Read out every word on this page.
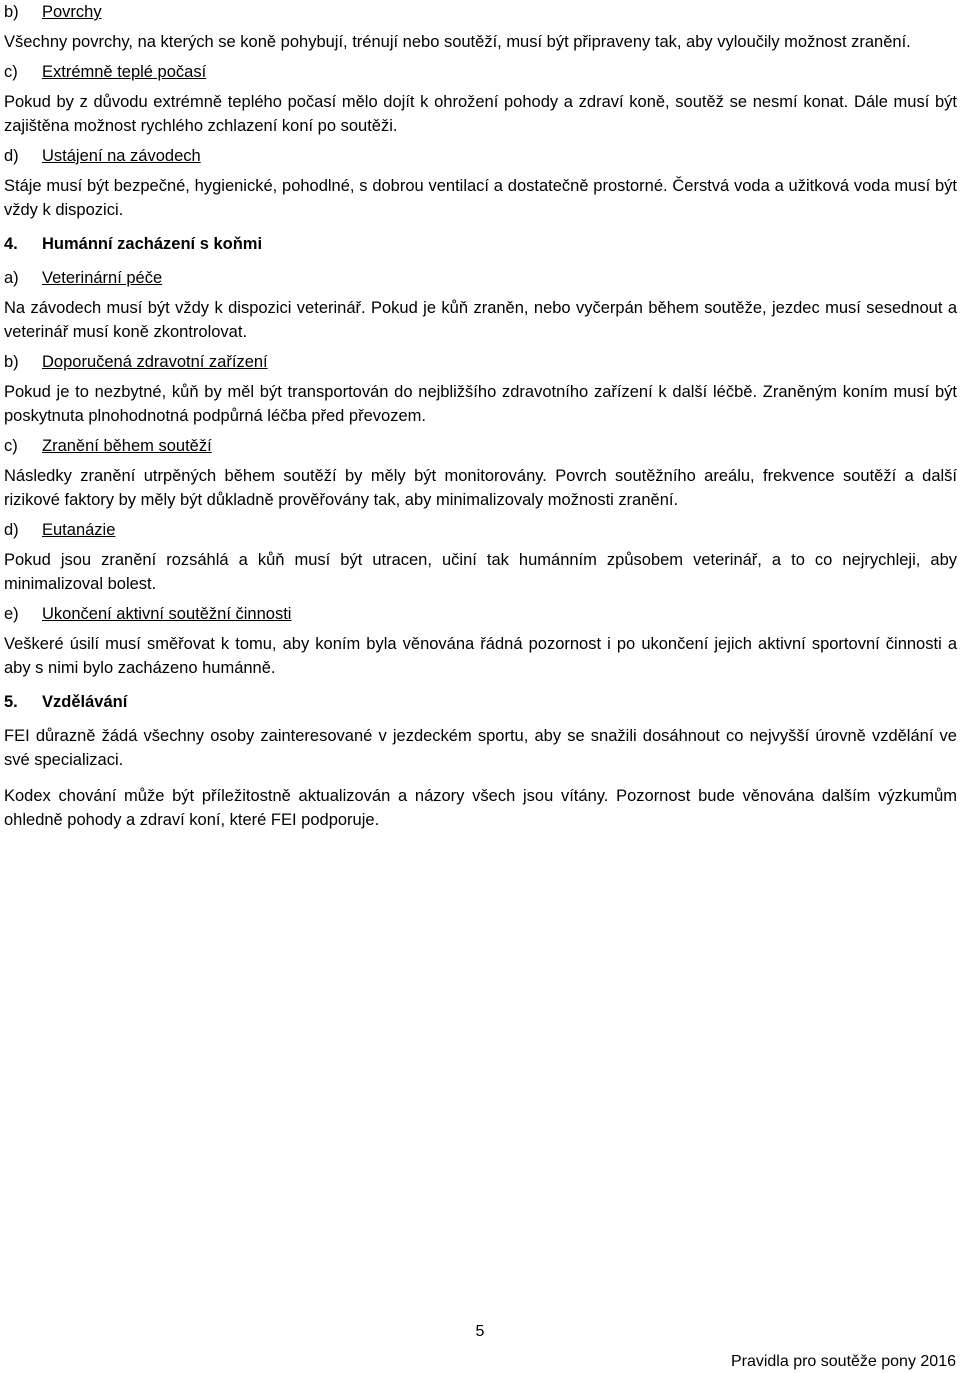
b) Povrchy

Všechny povrchy, na kterých se koně pohybují, trénují nebo soutěží, musí být připraveny tak, aby vyloučily možnost zranění.

c) Extrémně teplé počasí

Pokud by z důvodu extrémně teplého počasí mělo dojít k ohrožení pohody a zdraví koně, soutěž se nesmí konat. Dále musí být zajištěna možnost rychlého zchlazení koní po soutěži.

d) Ustájení na závodech

Stáje musí být bezpečné, hygienické, pohodlné, s dobrou ventilací a dostatečně prostorné. Čerstvá voda a užitková voda musí být vždy k dispozici.

4. Humánní zacházení s koňmi
a) Veterinární péče

Na závodech musí být vždy k dispozici veterinář. Pokud je kůň zraněn, nebo vyčerpán během soutěže, jezdec musí sesednout a veterinář musí koně zkontrolovat.

b) Doporučená zdravotní zařízení

Pokud je to nezbytné, kůň by měl být transportován do nejbližšího zdravotního zařízení k další léčbě. Zraněným koním musí být poskytnuta plnohodnotná podpůrná léčba před převozem.

c) Zranění během soutěží

Následky zranění utrpěných během soutěží by měly být monitorovány. Povrch soutěžního areálu, frekvence soutěží a další rizikové faktory by měly být důkladně prověřovány tak, aby minimalizovaly možnosti zranění.

d) Eutanázie

Pokud jsou zranění rozsáhlá a kůň musí být utracen, učiní tak humánním způsobem veterinář, a to co nejrychleji, aby minimalizoval bolest.

e) Ukončení aktivní soutěžní činnosti

Veškeré úsilí musí směřovat k tomu, aby koním byla věnována řádná pozornost i po ukončení jejich aktivní sportovní činnosti a aby s nimi bylo zacházeno humánně.

5. Vzdělávání

FEI důrazně žádá všechny osoby zainteresované v jezdeckém sportu, aby se snažili dosáhnout co nejvyšší úrovně vzdělání ve své specializaci.

Kodex chování může být příležitostně aktualizován a názory všech jsou vítány. Pozornost bude věnována dalším výzkumům ohledně pohody a zdraví koní, které FEI podporuje.

5
Pravidla pro soutěže pony 2016
